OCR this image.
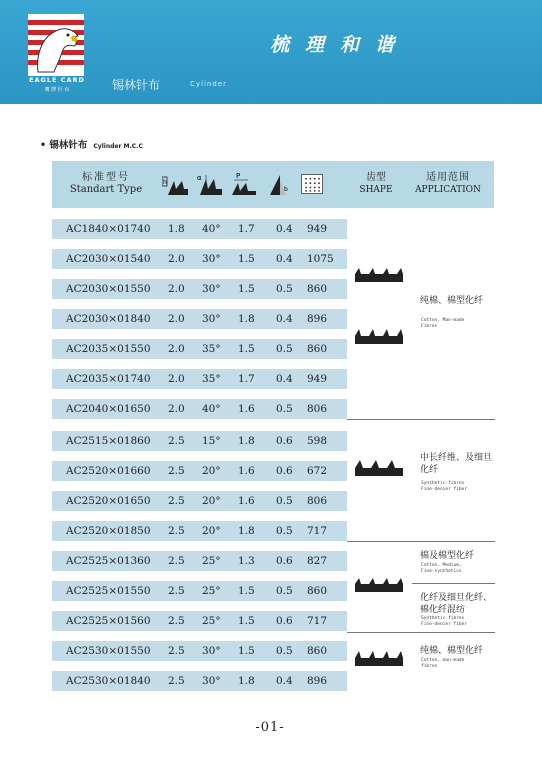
EAGLE CARD
鹰 牌 针 布
梳理和谐
锡林针布	Cylinder
• 锡林针布 Cylinder M.C.C
标准型号
Standart Type
h
α	P
b
齿型
SHAPE
适用范围
APPLICATION
AC1840×01740 1.8 40° 1.7 0.4 949
AC2030×01540 2.0 30° 1.5 0.4 1075
AC2030×01550 2.0 30° 1.5 0.5 860
AC2030×01840 2.0 30° 1.8 0.4 896
AC2035×01550 2.0 35° 1.5 0.5 860
AC2035×01740 2.0 35° 1.7 0.4 949
AC2040×01650 2.0 40° 1.6 0.5 806
AC2515×01860 2.5 15° 1.8 0.6 598
AC2520×01660 2.5 20° 1.6 0.6 672
AC2520×01650 2.5 20° 1.6 0.5 806
AC2520×01850 2.5 20° 1.8 0.5 717
AC2525×01360 2.5 25° 1.3 0.6 827
AC2525×01550 2.5 25° 1.5 0.5 860
AC2525×01560 2.5 25° 1.5 0.6 717
AC2530×01550 2.5 30° 1.5 0.5 860
AC2530×01840 2.5 30° 1.8 0.4 896
纯棉、棉型化纤
Cotton, Man-made
Fibres
中长纤维、及细旦
化纤
Synthetic-fibres
Fine-denier fiber
棉及棉型化纤
Cotton, Medium,
Fine-synthetics
化纤及细旦化纤、
棉化纤混纺
Synthetic-fibres
Fine-denier fiber
纯棉、棉型化纤
Cotton, man-made
fibres
-01-
